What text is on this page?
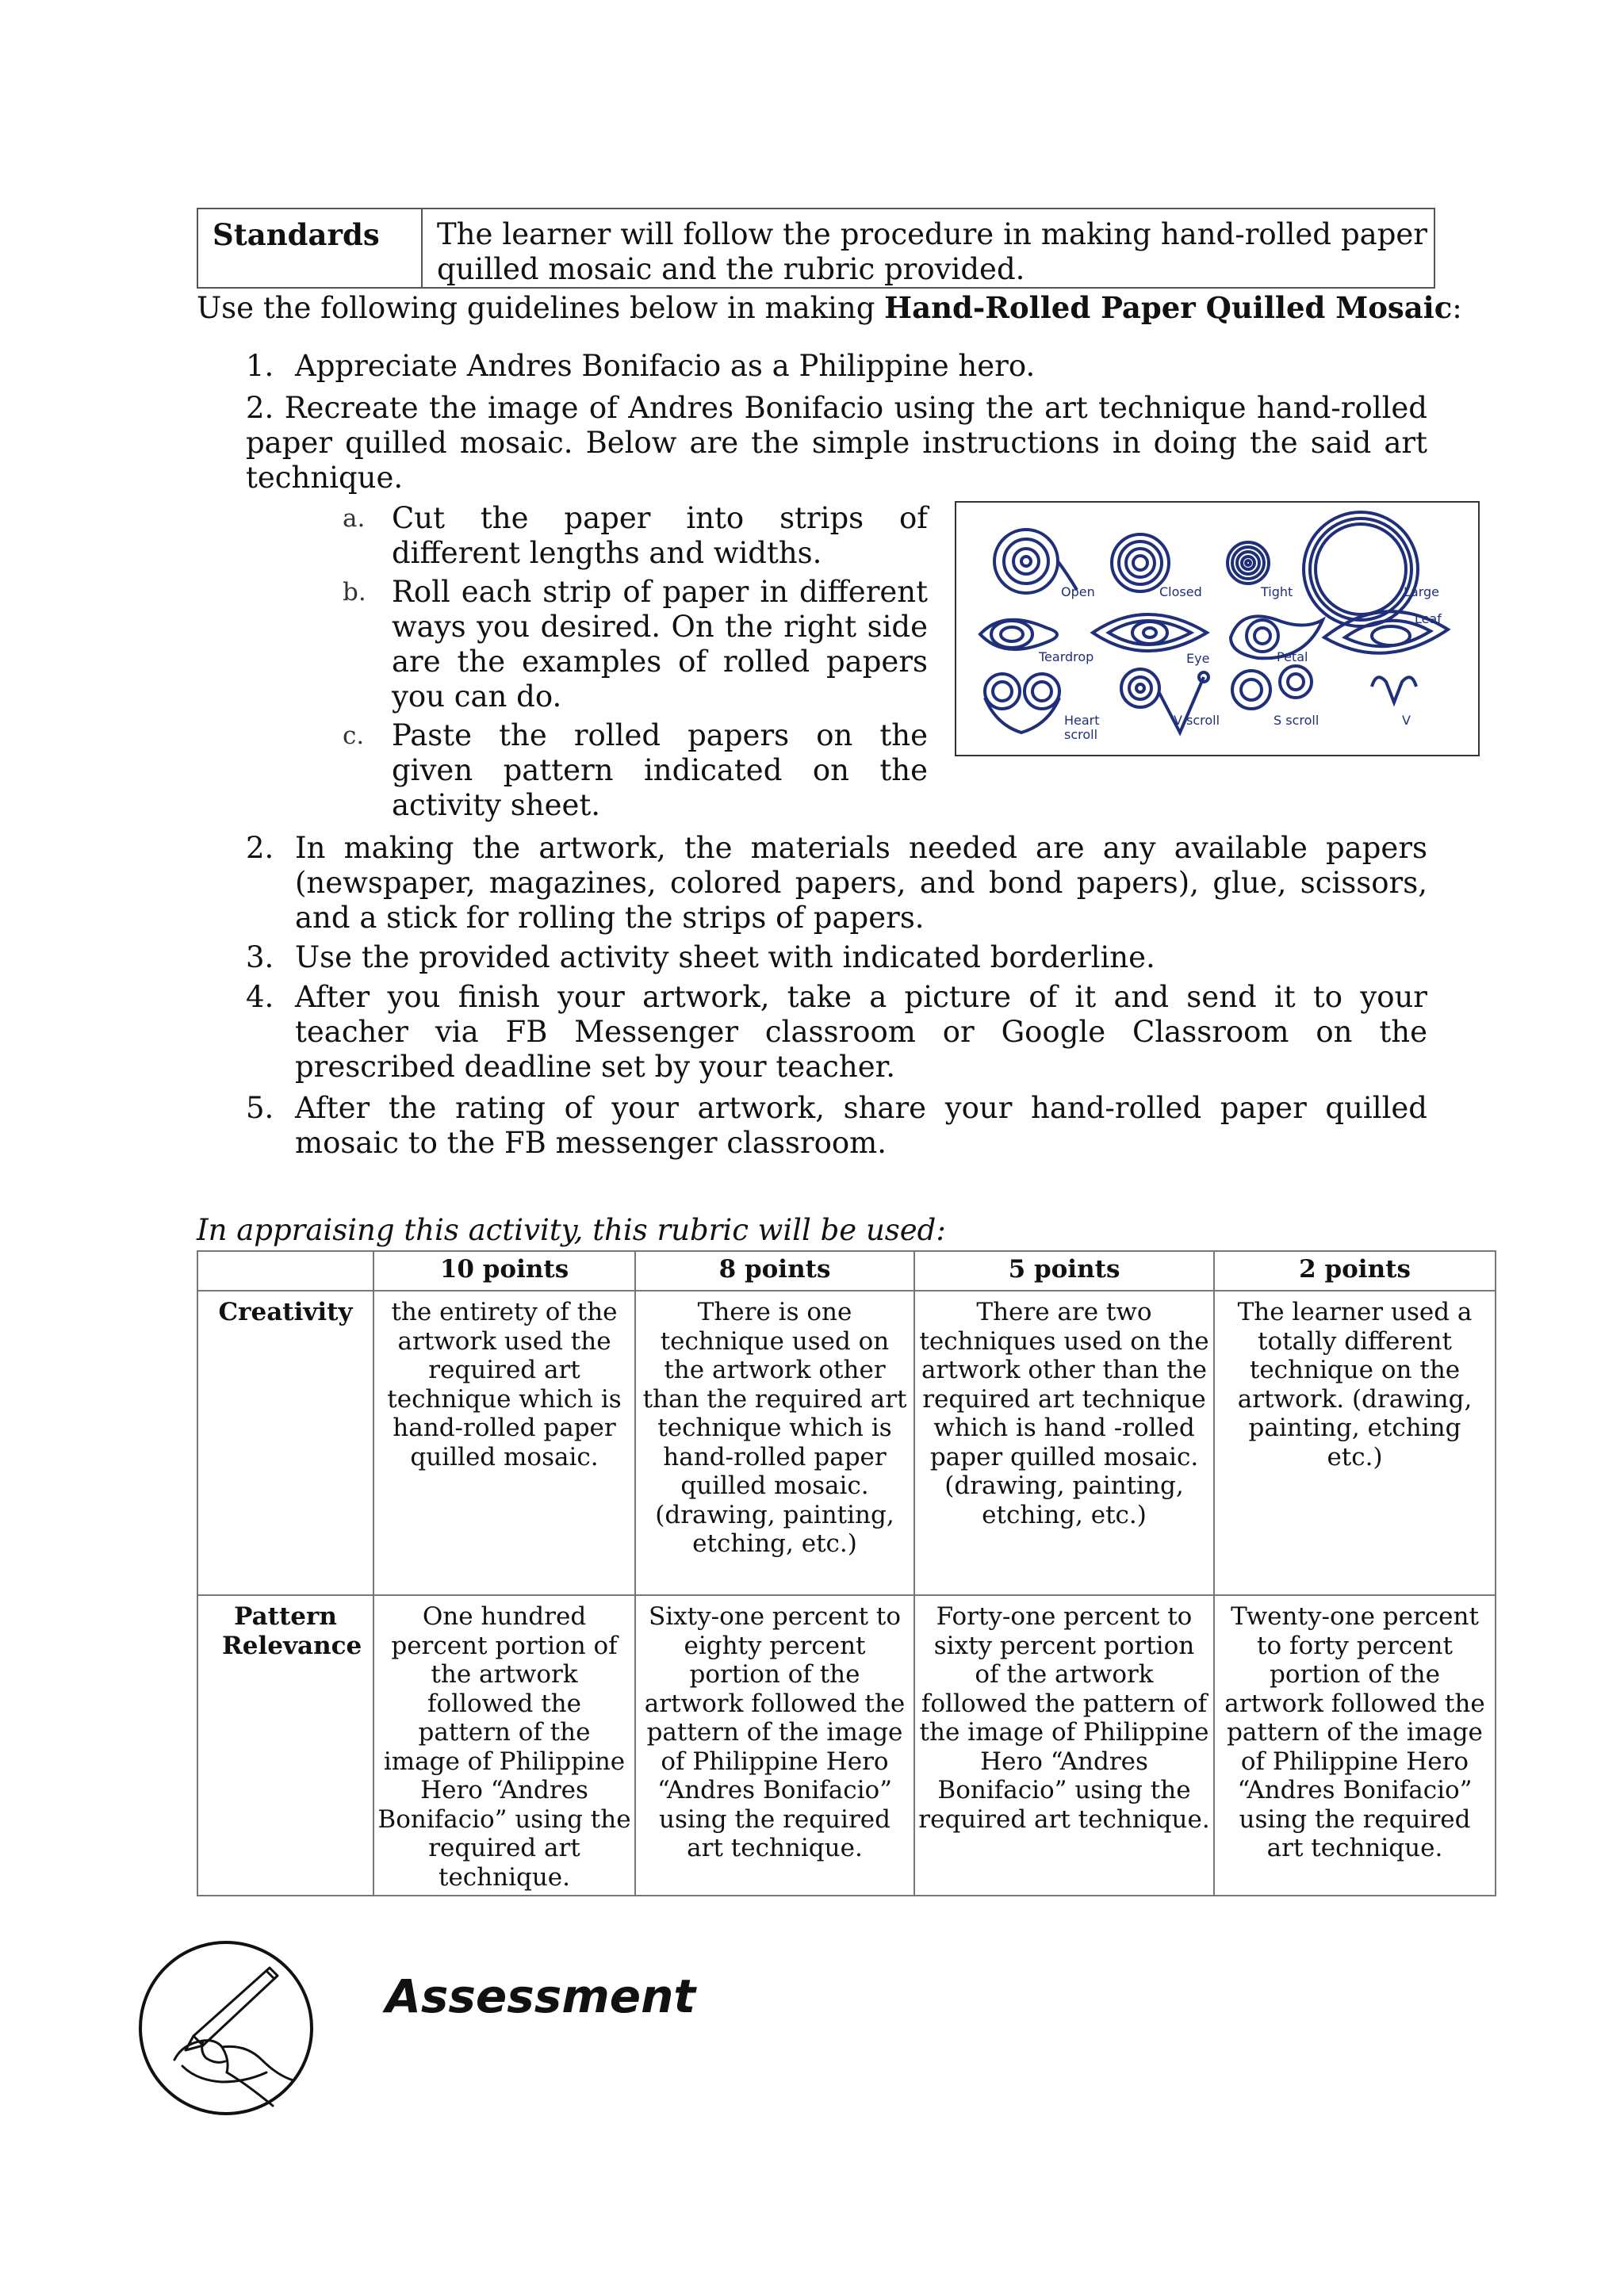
Standards	The learner will follow the procedure in making hand-rolled paper quilled mosaic and the rubric provided.
Use the following guidelines below in making Hand-Rolled Paper Quilled Mosaic:
1. Appreciate Andres Bonifacio as a Philippine hero.
2. Recreate the image of Andres Bonifacio using the art technique hand-rolled paper quilled mosaic. Below are the simple instructions in doing the said art technique.
a. Cut the paper into strips of different lengths and widths.
b. Roll each strip of paper in different ways you desired. On the right side are the examples of rolled papers you can do.
c. Paste the rolled papers on the given pattern indicated on the activity sheet.
Open	Closed	Tight	Large
Leaf
Teardrop	Eye	Petal
Heart
scroll
V scroll	S scroll	V
2. In making the artwork, the materials needed are any available papers (newspaper, magazines, colored papers, and bond papers), glue, scissors, and a stick for rolling the strips of papers.
3. Use the provided activity sheet with indicated borderline.
4. After you finish your artwork, take a picture of it and send it to your teacher via FB Messenger classroom or Google Classroom on the prescribed deadline set by your teacher.
5. After the rating of your artwork, share your hand-rolled paper quilled mosaic to the FB messenger classroom.
In appraising this activity, this rubric will be used:
	10 points	8 points	5 points	2 points
Creativity	the entirety of the artwork used the required art technique which is hand-rolled paper quilled mosaic.	There is one technique used on the artwork other than the required art technique which is hand-rolled paper quilled mosaic. (drawing, painting, etching, etc.)	There are two techniques used on the artwork other than the required art technique which is hand -rolled paper quilled mosaic. (drawing, painting, etching, etc.)	The learner used a totally different technique on the artwork. (drawing, painting, etching etc.)
Pattern Relevance	One hundred percent portion of the artwork followed the pattern of the image of Philippine Hero “Andres Bonifacio” using the required art technique.	Sixty-one percent to eighty percent portion of the artwork followed the pattern of the image of Philippine Hero “Andres Bonifacio” using the required art technique.	Forty-one percent to sixty percent portion of the artwork followed the pattern of the image of Philippine Hero “Andres Bonifacio” using the required art technique.	Twenty-one percent to forty percent portion of the artwork followed the pattern of the image of Philippine Hero “Andres Bonifacio” using the required art technique.
Assessment
